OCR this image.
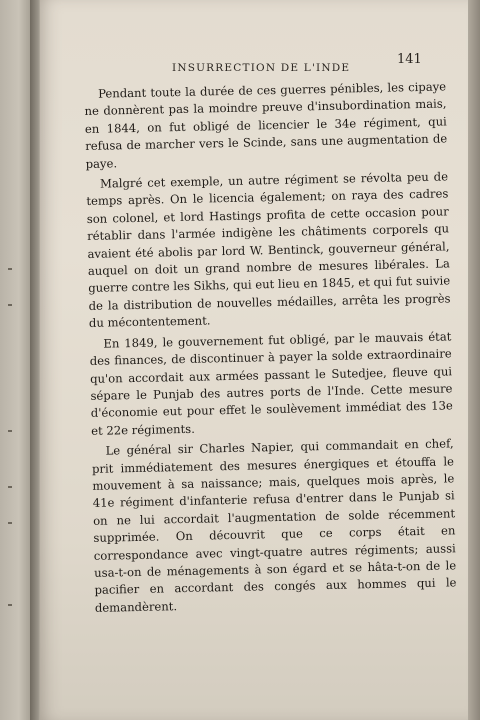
INSURRECTION DE L'INDE
141

Pendant toute la durée de ces guerres pénibles, les cipaye ne donnèrent pas la moindre preuve d'insubordination mais, en 1844, on fut obligé de licencier le 34e régiment, qui refusa de marcher vers le Scinde, sans une augmentation de paye.

Malgré cet exemple, un autre régiment se révolta peu de temps après. On le licencia également; on raya des cadres son colonel, et lord Hastings profita de cette occasion pour rétablir dans l'armée indigène les châtiments corporels qu avaient été abolis par lord W. Bentinck, gouverneur général, auquel on doit un grand nombre de mesures libérales. La guerre contre les Sikhs, qui eut lieu en 1845, et qui fut suivie de la distribution de nouvelles médailles, arrêta les progrès du mécontentement.

En 1849, le gouvernement fut obligé, par le mauvais état des finances, de discontinuer à payer la solde extraordinaire qu'on accordait aux armées passant le Sutedjee, fleuve qui sépare le Punjab des autres ports de l'Inde. Cette mesure d'économie eut pour effet le soulèvement immédiat des 13e et 22e régiments.

Le général sir Charles Napier, qui commandait en chef, prit immédiatement des mesures énergiques et étouffa le mouvement à sa naissance; mais, quelques mois après, le 41e régiment d'infanterie refusa d'entrer dans le Punjab si on ne lui accordait l'augmentation de solde récemment supprimée. On découvrit que ce corps était en correspondance avec vingt-quatre autres régiments; aussi usa-t-on de ménagements à son égard et se hâta-t-on de le pacifier en accordant des congés aux hommes qui le demandèrent.
